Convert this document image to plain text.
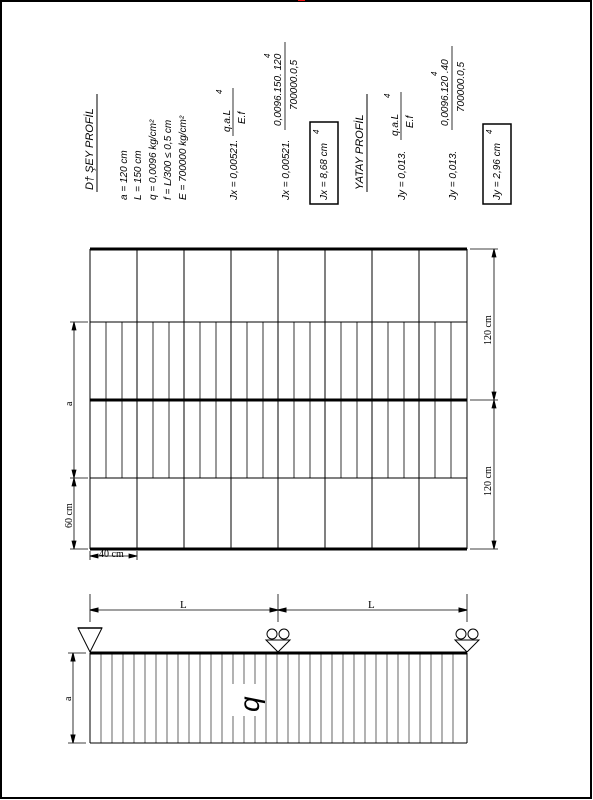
D† ŞEY PROFİL a = 120 cm L = 150 cm q = 0,0096 kg/cm² f = L/300 ≤ 0,5 cm E = 700000 kg/cm²	Jx = 0,00521.
q.a.L
4
E.f
Jx = 0,00521.
0,0096.150. 120
4
700000.0,5
Jx = 8,68 cm
4	YATAY PROFİL	Jy = 0,013.
q.a.L
4
E.f
Jy = 0,013.
0,0096.120 .40
4 700000.0,5
Jy = 2,96 cm
4
120 cm
120 cm
a
60 cm
40 cm
L	L
a	q
